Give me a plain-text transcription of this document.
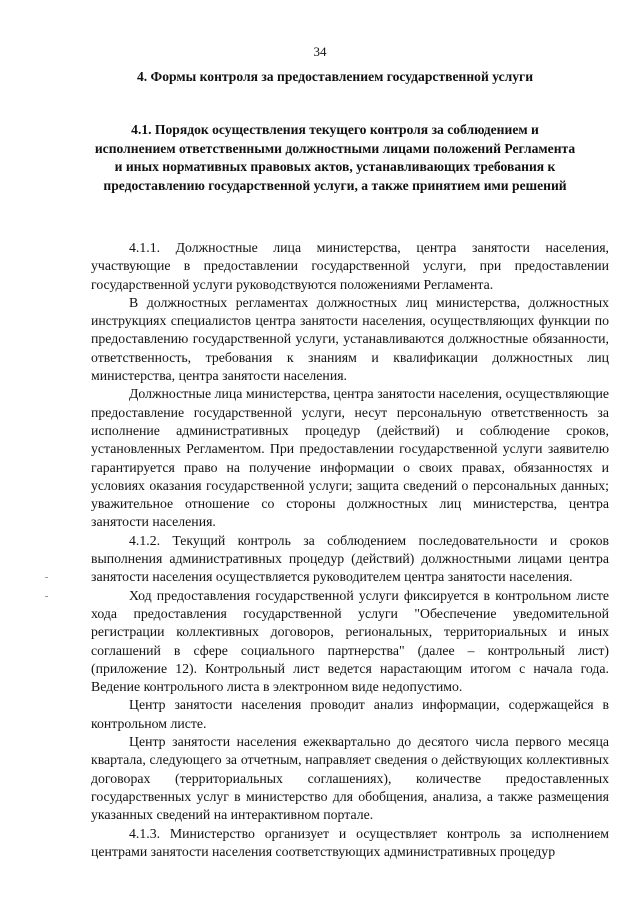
34
4. Формы контроля за предоставлением государственной услуги
4.1. Порядок осуществления текущего контроля за соблюдением и исполнением ответственными должностными лицами положений Регламента и иных нормативных правовых актов, устанавливающих требования к предоставлению государственной услуги, а также принятием ими решений

4.1.1. Должностные лица министерства, центра занятости населения, участвующие в предоставлении государственной услуги, при предоставлении государственной услуги руководствуются положениями Регламента.

В должностных регламентах должностных лиц министерства, должностных инструкциях специалистов центра занятости населения, осуществляющих функции по предоставлению государственной услуги, устанавливаются должностные обязанности, ответственность, требования к знаниям и квалификации должностных лиц министерства, центра занятости населения.

Должностные лица министерства, центра занятости населения, осуществляющие предоставление государственной услуги, несут персональную ответственность за исполнение административных процедур (действий) и соблюдение сроков, установленных Регламентом. При предоставлении государственной услуги заявителю гарантируется право на получение информации о своих правах, обязанностях и условиях оказания государственной услуги; защита сведений о персональных данных; уважительное отношение со стороны должностных лиц министерства, центра занятости населения.

4.1.2. Текущий контроль за соблюдением последовательности и сроков выполнения административных процедур (действий) должностными лицами центра занятости населения осуществляется руководителем центра занятости населения.

Ход предоставления государственной услуги фиксируется в контрольном листе хода предоставления государственной услуги "Обеспечение уведомительной регистрации коллективных договоров, региональных, территориальных и иных соглашений в сфере социального партнерства" (далее – контрольный лист) (приложение 12). Контрольный лист ведется нарастающим итогом с начала года. Ведение контрольного листа в электронном виде недопустимо.

Центр занятости населения проводит анализ информации, содержащейся в контрольном листе.

Центр занятости населения ежеквартально до десятого числа первого месяца квартала, следующего за отчетным, направляет сведения о действующих коллективных договорах (территориальных соглашениях), количестве предоставленных государственных услуг в министерство для обобщения, анализа, а также размещения указанных сведений на интерактивном портале.

4.1.3. Министерство организует и осуществляет контроль за исполнением центрами занятости населения соответствующих административных процедур
